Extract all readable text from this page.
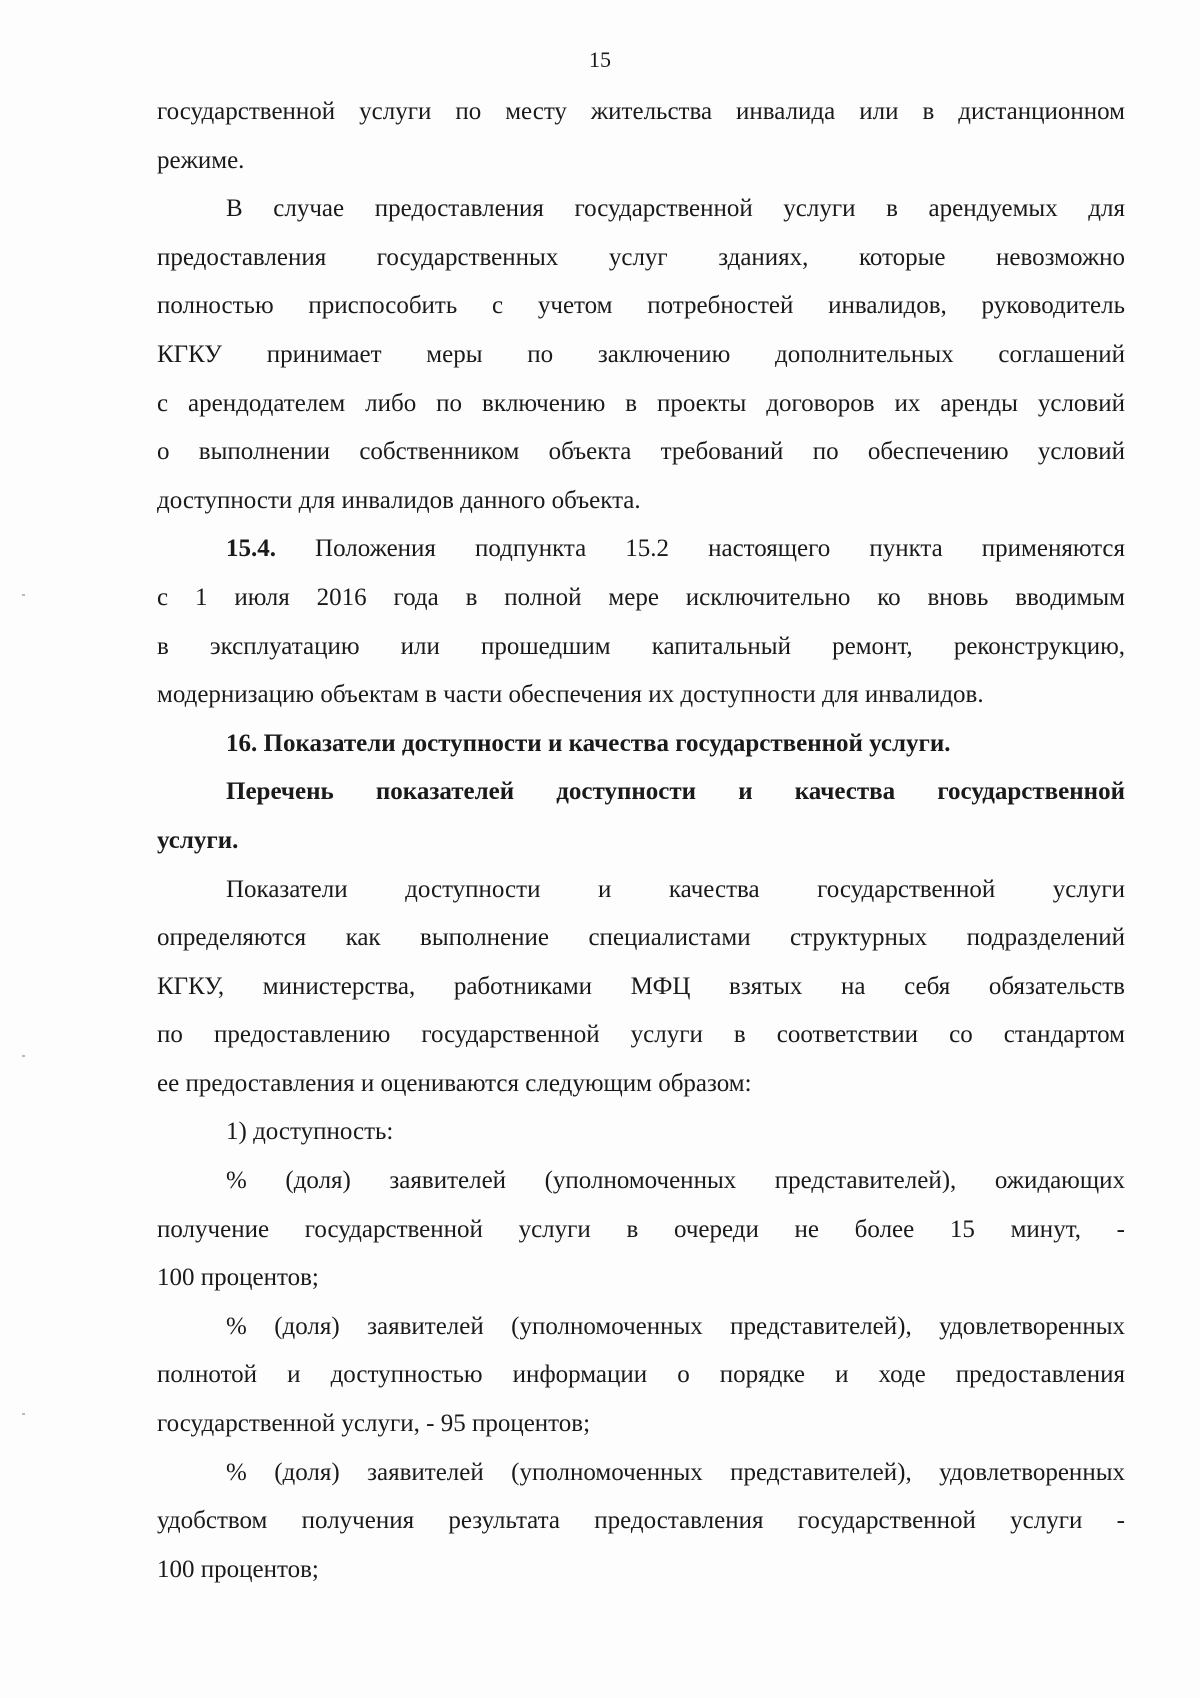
15
государственной услуги по месту жительства инвалида или в дистанционном
режиме.
В случае предоставления государственной услуги в арендуемых для
предоставления государственных услуг зданиях, которые невозможно
полностью приспособить с учетом потребностей инвалидов, руководитель
КГКУ принимает меры по заключению дополнительных соглашений
с арендодателем либо по включению в проекты договоров их аренды условий
о выполнении собственником объекта требований по обеспечению условий
доступности для инвалидов данного объекта.
15.4. Положения подпункта 15.2 настоящего пункта применяются
с 1 июля 2016 года в полной мере исключительно ко вновь вводимым
в эксплуатацию или прошедшим капитальный ремонт, реконструкцию,
модернизацию объектам в части обеспечения их доступности для инвалидов.
16. Показатели доступности и качества государственной услуги.
Перечень показателей доступности и качества государственной
услуги.
Показатели доступности и качества государственной услуги
определяются как выполнение специалистами структурных подразделений
КГКУ, министерства, работниками МФЦ взятых на себя обязательств
по предоставлению государственной услуги в соответствии со стандартом
ее предоставления и оцениваются следующим образом:
1) доступность:
% (доля) заявителей (уполномоченных представителей), ожидающих
получение государственной услуги в очереди не более 15 минут, -
100 процентов;
% (доля) заявителей (уполномоченных представителей), удовлетворенных
полнотой и доступностью информации о порядке и ходе предоставления
государственной услуги, - 95 процентов;
% (доля) заявителей (уполномоченных представителей), удовлетворенных
удобством получения результата предоставления государственной услуги -
100 процентов;
